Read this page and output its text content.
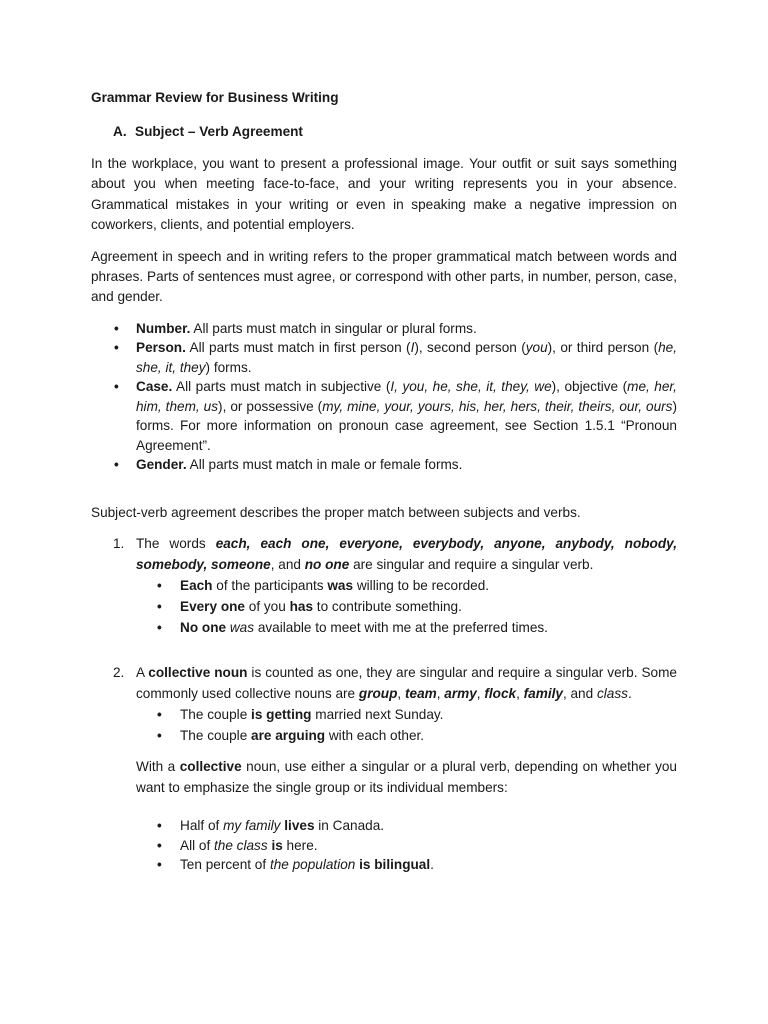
Grammar Review for Business Writing
A. Subject – Verb Agreement

In the workplace, you want to present a professional image. Your outfit or suit says something about you when meeting face-to-face, and your writing represents you in your absence. Grammatical mistakes in your writing or even in speaking make a negative impression on coworkers, clients, and potential employers.

Agreement in speech and in writing refers to the proper grammatical match between words and phrases. Parts of sentences must agree, or correspond with other parts, in number, person, case, and gender.

• Number. All parts must match in singular or plural forms.
• Person. All parts must match in first person (I), second person (you), or third person (he, she, it, they) forms.
• Case. All parts must match in subjective (I, you, he, she, it, they, we), objective (me, her, him, them, us), or possessive (my, mine, your, yours, his, her, hers, their, theirs, our, ours) forms. For more information on pronoun case agreement, see Section 1.5.1 “Pronoun Agreement”.
• Gender. All parts must match in male or female forms.

Subject-verb agreement describes the proper match between subjects and verbs.

1. The words each, each one, everyone, everybody, anyone, anybody, nobody, somebody, someone, and no one are singular and require a singular verb.
• Each of the participants was willing to be recorded.
• Every one of you has to contribute something.
• No one was available to meet with me at the preferred times.
2. A collective noun is counted as one, they are singular and require a singular verb. Some commonly used collective nouns are group, team, army, flock, family, and class.
• The couple is getting married next Sunday.
• The couple are arguing with each other.
With a collective noun, use either a singular or a plural verb, depending on whether you want to emphasize the single group or its individual members:
• Half of my family lives in Canada.
• All of the class is here.
• Ten percent of the population is bilingual.
